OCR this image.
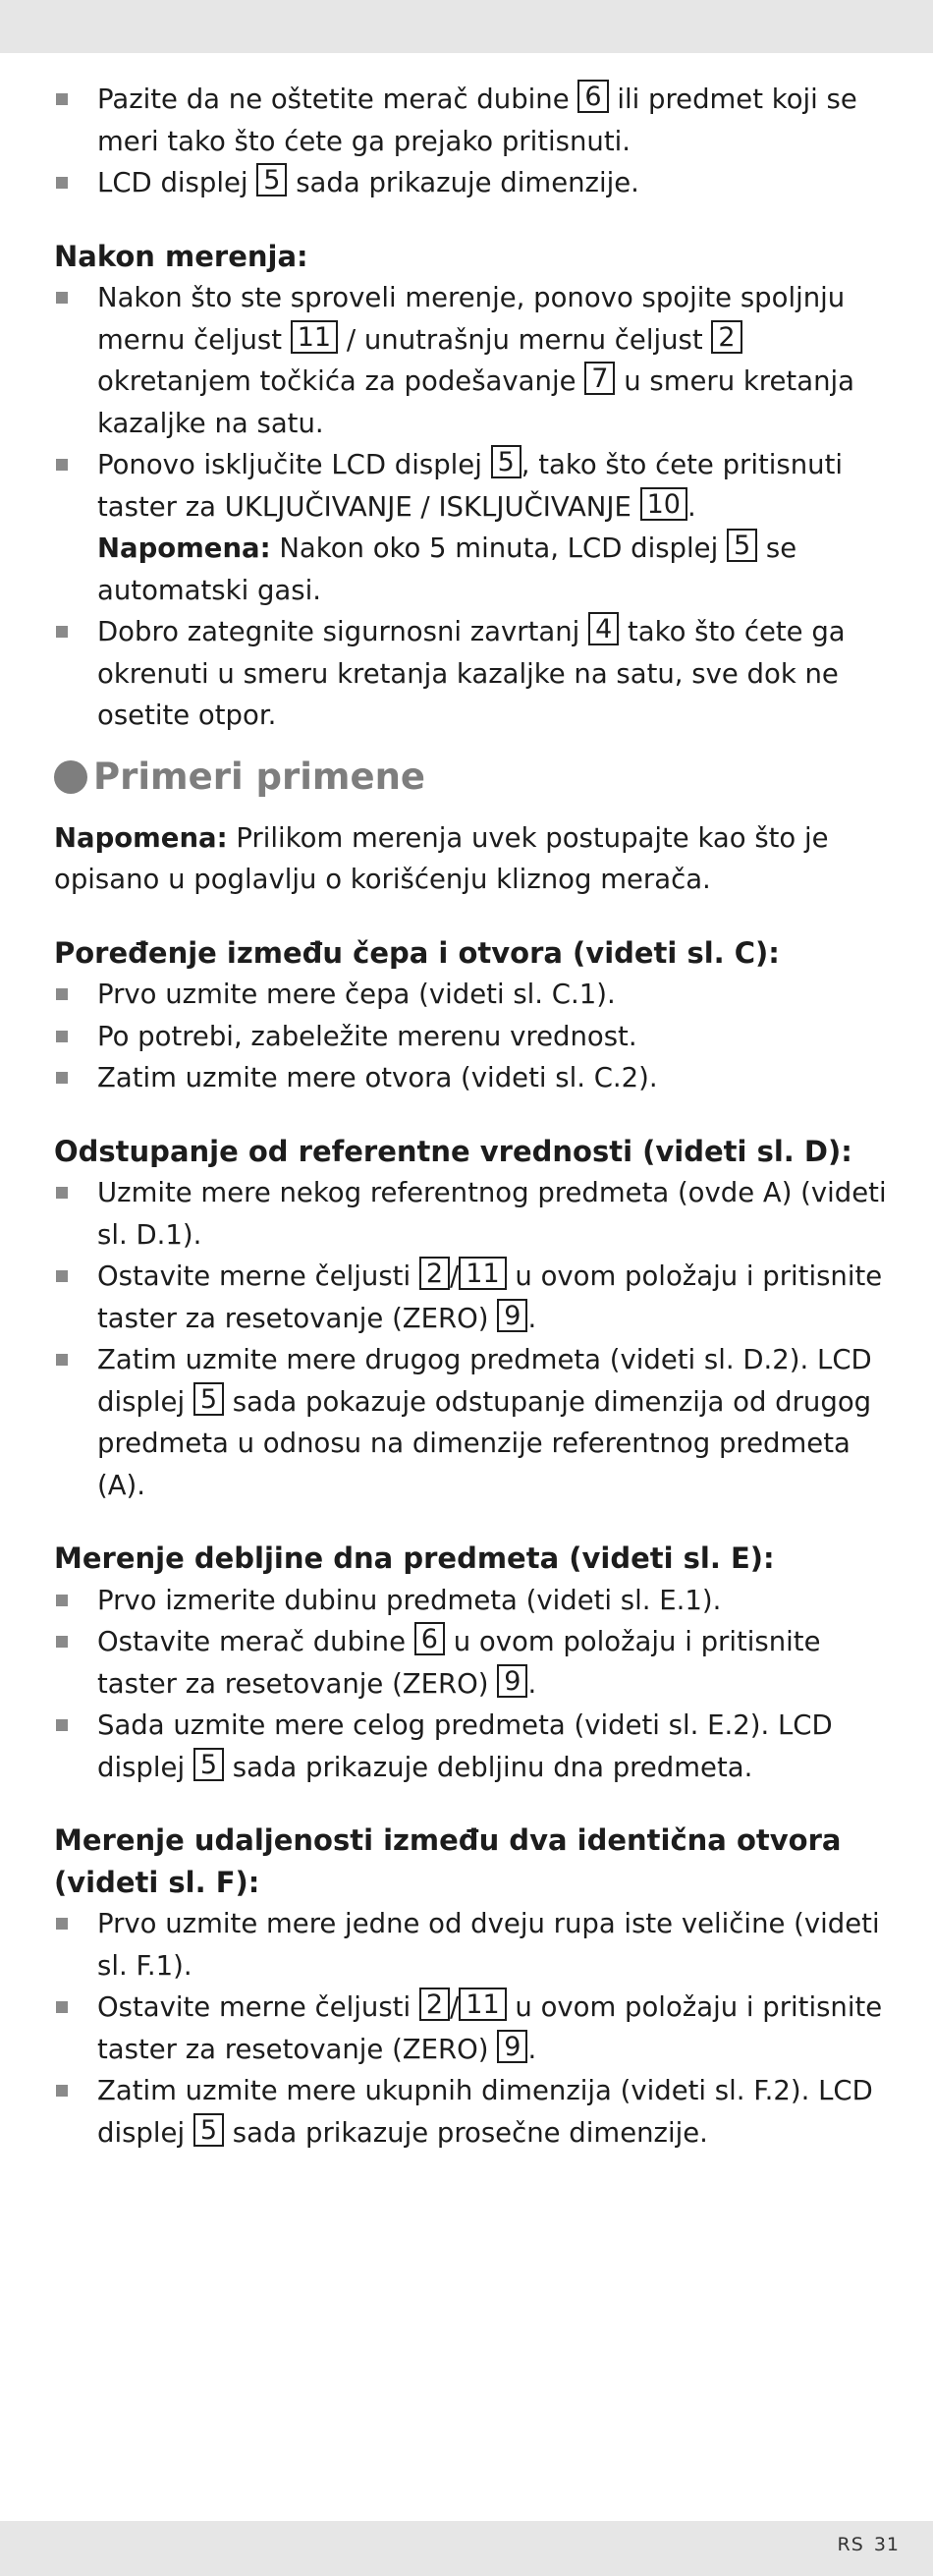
Pazite da ne oštetite merač dubine 6 ili predmet koji se meri tako što ćete ga prejako pritisnuti.
LCD displej 5 sada prikazuje dimenzije.

Nakon merenja:

Nakon što ste sproveli merenje, ponovo spojite spoljnju mernu čeljust 11 / unutrašnju mernu čeljust 2 okretanjem točkića za podešavanje 7 u smeru kretanja kazaljke na satu.
Ponovo isključite LCD displej 5 , tako što ćete pritisnuti taster za UKLJUČIVANJE / ISKLJUČIVANJE 10 .
Napomena: Nakon oko 5 minuta, LCD displej 5 se automatski gasi.
Dobro zategnite sigurnosni zavrtanj 4 tako što ćete ga okrenuti u smeru kretanja kazaljke na satu, sve dok ne osetite otpor.

Primeri primene

Napomena: Prilikom merenja uvek postupajte kao što je opisano u poglavlju o korišćenju kliznog merača.

Poređenje između čepa i otvora (videti sl. C):

Prvo uzmite mere čepa (videti sl. C.1).
Po potrebi, zabeležite merenu vrednost.
Zatim uzmite mere otvora (videti sl. C.2).

Odstupanje od referentne vrednosti (videti sl. D):

Uzmite mere nekog referentnog predmeta (ovde A) (videti sl. D.1).
Ostavite merne čeljusti 2 / 11 u ovom položaju i pritisnite taster za resetovanje (ZERO) 9 .
Zatim uzmite mere drugog predmeta (videti sl. D.2). LCD displej 5 sada pokazuje odstupanje dimenzija od drugog predmeta u odnosu na dimenzije referentnog predmeta (A).

Merenje debljine dna predmeta (videti sl. E):

Prvo izmerite dubinu predmeta (videti sl. E.1).
Ostavite merač dubine 6 u ovom položaju i pritisnite taster za resetovanje (ZERO) 9 .
Sada uzmite mere celog predmeta (videti sl. E.2). LCD displej 5 sada prikazuje debljinu dna predmeta.

Merenje udaljenosti između dva identična otvora (videti sl. F):

Prvo uzmite mere jedne od dveju rupa iste veličine (videti sl. F.1).
Ostavite merne čeljusti 2 / 11 u ovom položaju i pritisnite taster za resetovanje (ZERO) 9 .
Zatim uzmite mere ukupnih dimenzija (videti sl. F.2). LCD displej 5 sada prikazuje prosečne dimenzije.
RS 31
